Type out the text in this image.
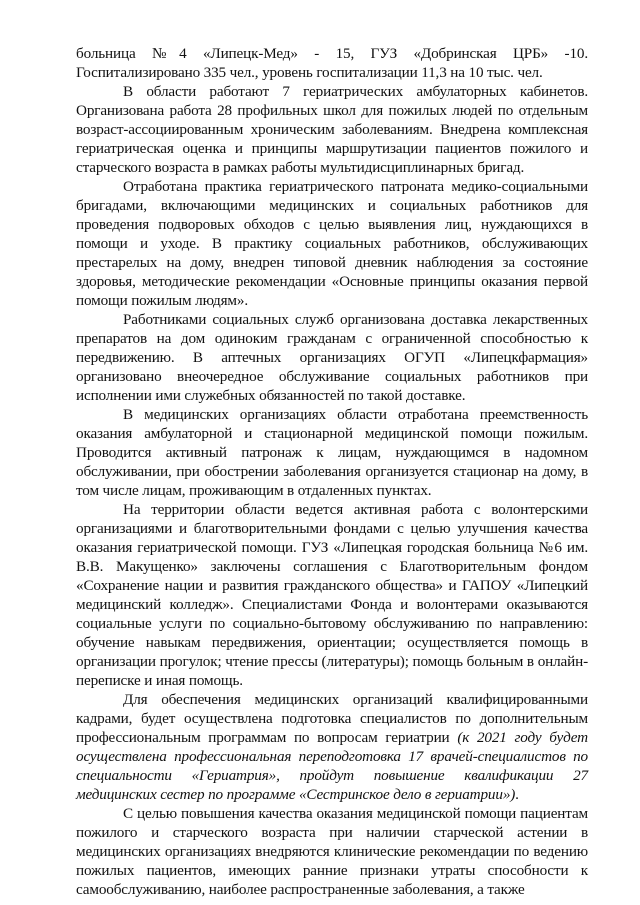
больница №4 «Липецк-Мед» - 15, ГУЗ «Добринская ЦРБ» -10. Госпитализировано 335 чел., уровень госпитализации 11,3 на 10 тыс. чел.

В области работают 7 гериатрических амбулаторных кабинетов. Организована работа 28 профильных школ для пожилых людей по отдельным возраст-ассоциированным хроническим заболеваниям. Внедрена комплексная гериатрическая оценка и принципы маршрутизации пациентов пожилого и старческого возраста в рамках работы мультидисциплинарных бригад.

Отработана практика гериатрического патроната медико-социальными бригадами, включающими медицинских и социальных работников для проведения подворовых обходов с целью выявления лиц, нуждающихся в помощи и уходе. В практику социальных работников, обслуживающих престарелых на дому, внедрен типовой дневник наблюдения за состояние здоровья, методические рекомендации «Основные принципы оказания первой помощи пожилым людям».

Работниками социальных служб организована доставка лекарственных препаратов на дом одиноким гражданам с ограниченной способностью к передвижению. В аптечных организациях ОГУП «Липецкфармация» организовано внеочередное обслуживание социальных работников при исполнении ими служебных обязанностей по такой доставке.

В медицинских организациях области отработана преемственность оказания амбулаторной и стационарной медицинской помощи пожилым. Проводится активный патронаж к лицам, нуждающимся в надомном обслуживании, при обострении заболевания организуется стационар на дому, в том числе лицам, проживающим в отдаленных пунктах.

На территории области ведется активная работа с волонтерскими организациями и благотворительными фондами с целью улучшения качества оказания гериатрической помощи. ГУЗ «Липецкая городская больница №6 им. В.В. Макущенко» заключены соглашения с Благотворительным фондом «Сохранение нации и развития гражданского общества» и ГАПОУ «Липецкий медицинский колледж». Специалистами Фонда и волонтерами оказываются социальные услуги по социально-бытовому обслуживанию по направлению: обучение навыкам передвижения, ориентации; осуществляется помощь в организации прогулок; чтение прессы (литературы); помощь больным в онлайн-переписке и иная помощь.

Для обеспечения медицинских организаций квалифицированными кадрами, будет осуществлена подготовка специалистов по дополнительным профессиональным программам по вопросам гериатрии (к 2021 году будет осуществлена профессиональная переподготовка 17 врачей-специалистов по специальности «Гериатрия», пройдут повышение квалификации 27 медицинских сестер по программе «Сестринское дело в гериатрии»).

С целью повышения качества оказания медицинской помощи пациентам пожилого и старческого возраста при наличии старческой астении в медицинских организациях внедряются клинические рекомендации по ведению пожилых пациентов, имеющих ранние признаки утраты способности к самообслуживанию, наиболее распространенные заболевания, а также
